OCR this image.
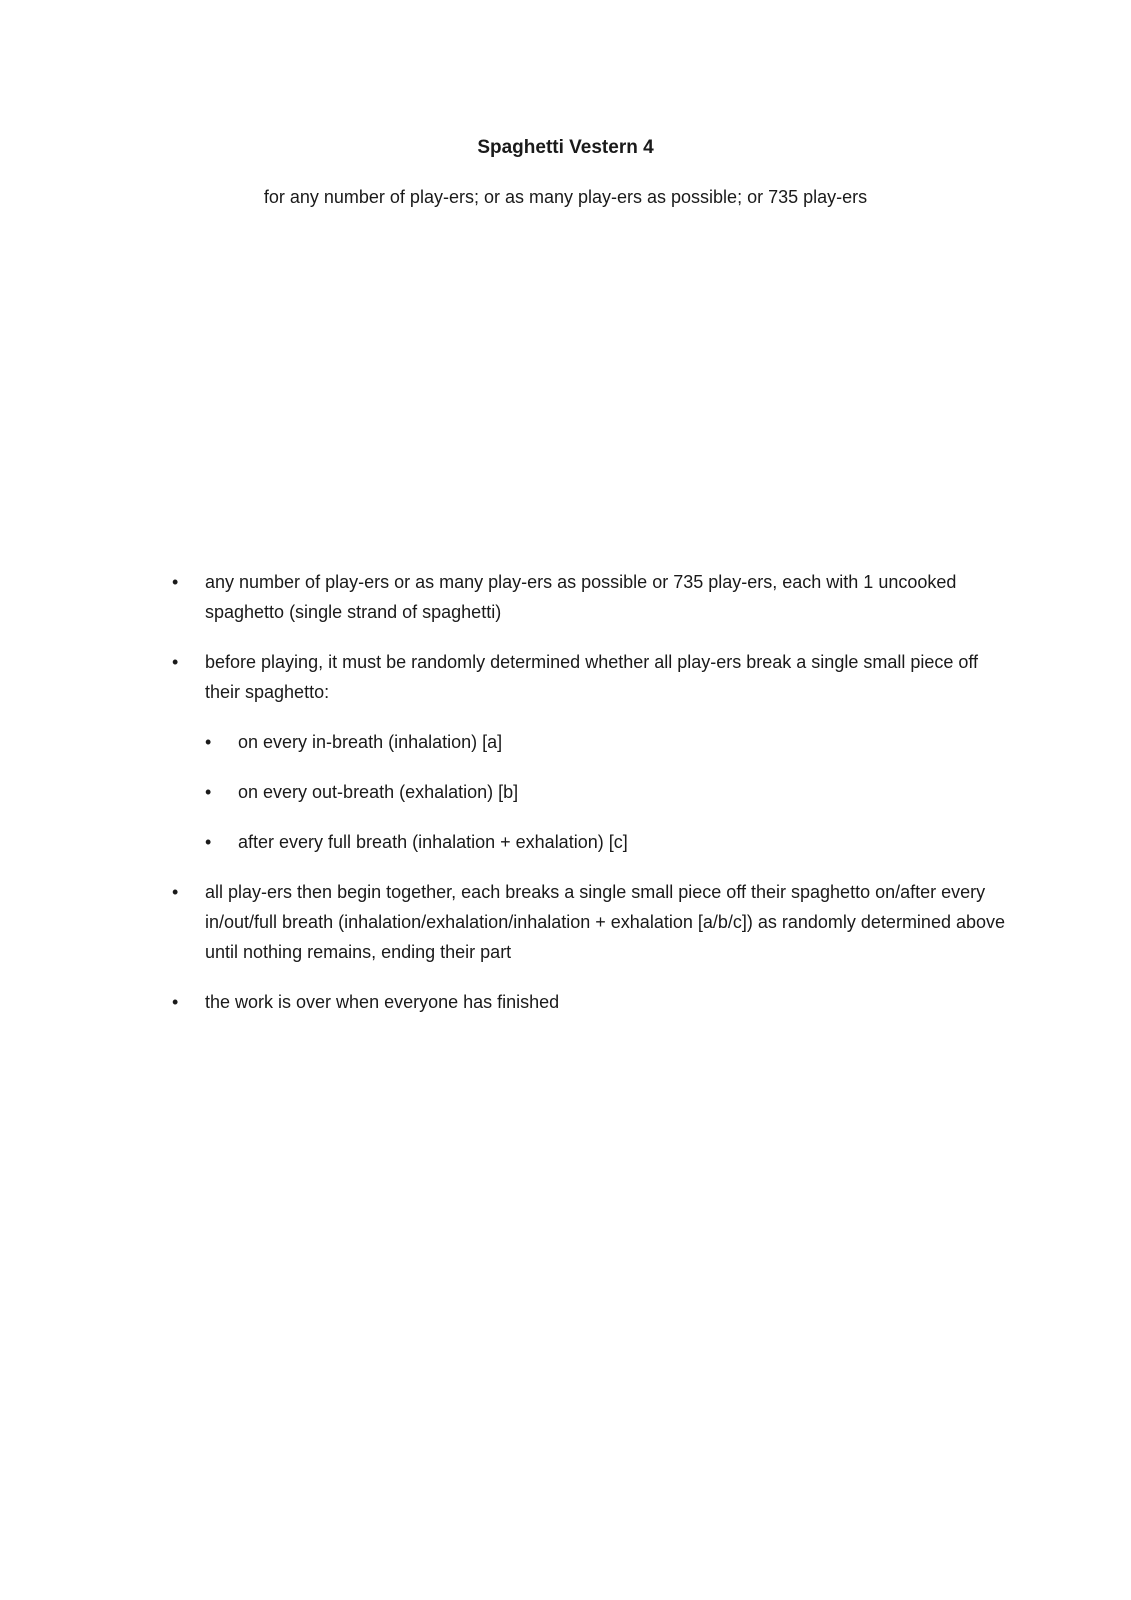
Spaghetti Vestern 4

for any number of play-ers; or as many play-ers as possible; or 735 play-ers

•	any number of play-ers or as many play-ers as possible or 735 play-ers, each with 1 uncooked spaghetto (single strand of spaghetti)
•	before playing, it must be randomly determined whether all play-ers break a single small piece off their spaghetto:
•	on every in-breath (inhalation) [a]
•	on every out-breath (exhalation) [b]
•	after every full breath (inhalation + exhalation) [c]
•	all play-ers then begin together, each breaks a single small piece off their spaghetto on/after every in/out/full breath (inhalation/exhalation/inhalation + exhalation [a/b/c]) as randomly determined above until nothing remains, ending their part
•	the work is over when everyone has finished
